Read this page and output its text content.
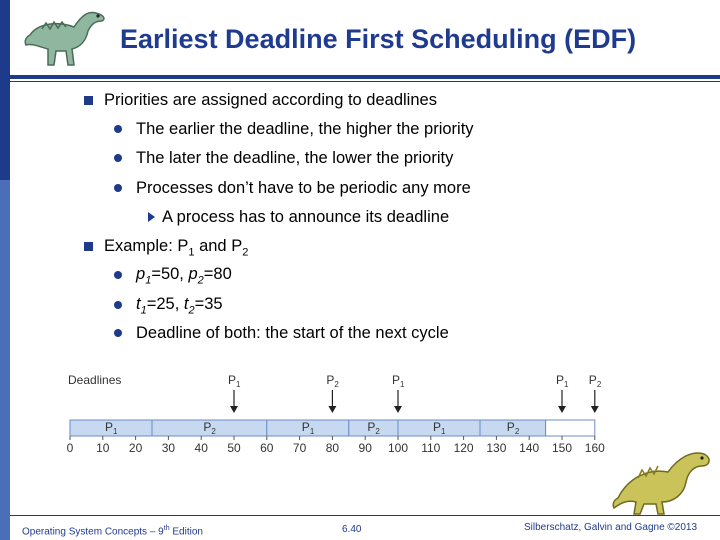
Earliest Deadline First Scheduling (EDF)
Priorities are assigned according to deadlines
The earlier the deadline, the higher the priority
The later the deadline, the lower the priority
Processes don’t have to be periodic any more
A process has to announce its deadline
Example: $P_1$ and $P_2$
$p_1=50$, $p_2=80$
$t_1=25$, $t_2=35$
Deadline of both: the start of the next cycle
Deadlines	$P_1$	$P_2$	$P_1$	$P_1$ $P_2$
$P_1$	$P_2$	$P_1$	$P_2$	$P_1$	$P_2$
0 10 20 30 40 50 60 70 80 90 100 110 120 130 140 150 160
Operating System Concepts – 9th Edition	6.40	Silberschatz, Galvin and Gagne ©2013
